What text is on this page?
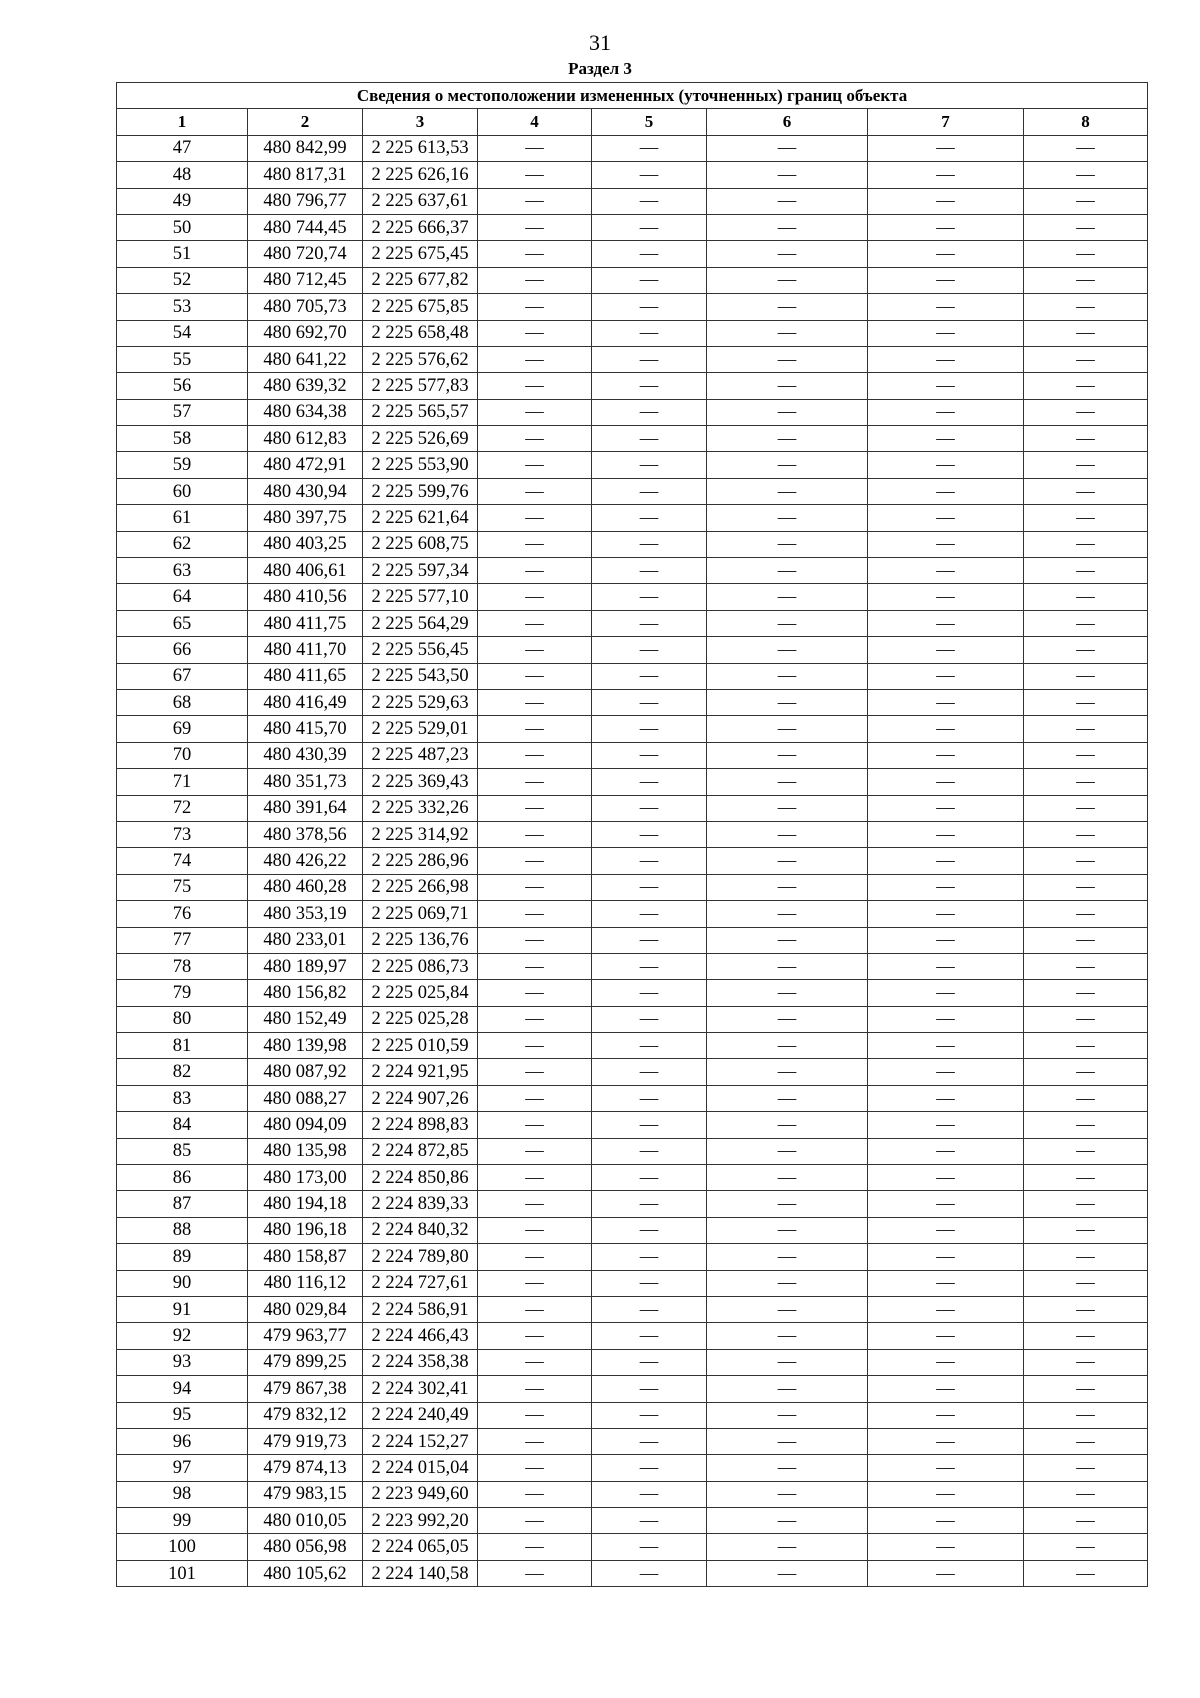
31
Раздел 3
Сведения о местоположении измененных (уточненных) границ объекта							
1	2	3	4	5	6	7	8
47	480 842,99	2 225 613,53	—	—	—	—	—
48	480 817,31	2 225 626,16	—	—	—	—	—
49	480 796,77	2 225 637,61	—	—	—	—	—
50	480 744,45	2 225 666,37	—	—	—	—	—
51	480 720,74	2 225 675,45	—	—	—	—	—
52	480 712,45	2 225 677,82	—	—	—	—	—
53	480 705,73	2 225 675,85	—	—	—	—	—
54	480 692,70	2 225 658,48	—	—	—	—	—
55	480 641,22	2 225 576,62	—	—	—	—	—
56	480 639,32	2 225 577,83	—	—	—	—	—
57	480 634,38	2 225 565,57	—	—	—	—	—
58	480 612,83	2 225 526,69	—	—	—	—	—
59	480 472,91	2 225 553,90	—	—	—	—	—
60	480 430,94	2 225 599,76	—	—	—	—	—
61	480 397,75	2 225 621,64	—	—	—	—	—
62	480 403,25	2 225 608,75	—	—	—	—	—
63	480 406,61	2 225 597,34	—	—	—	—	—
64	480 410,56	2 225 577,10	—	—	—	—	—
65	480 411,75	2 225 564,29	—	—	—	—	—
66	480 411,70	2 225 556,45	—	—	—	—	—
67	480 411,65	2 225 543,50	—	—	—	—	—
68	480 416,49	2 225 529,63	—	—	—	—	—
69	480 415,70	2 225 529,01	—	—	—	—	—
70	480 430,39	2 225 487,23	—	—	—	—	—
71	480 351,73	2 225 369,43	—	—	—	—	—
72	480 391,64	2 225 332,26	—	—	—	—	—
73	480 378,56	2 225 314,92	—	—	—	—	—
74	480 426,22	2 225 286,96	—	—	—	—	—
75	480 460,28	2 225 266,98	—	—	—	—	—
76	480 353,19	2 225 069,71	—	—	—	—	—
77	480 233,01	2 225 136,76	—	—	—	—	—
78	480 189,97	2 225 086,73	—	—	—	—	—
79	480 156,82	2 225 025,84	—	—	—	—	—
80	480 152,49	2 225 025,28	—	—	—	—	—
81	480 139,98	2 225 010,59	—	—	—	—	—
82	480 087,92	2 224 921,95	—	—	—	—	—
83	480 088,27	2 224 907,26	—	—	—	—	—
84	480 094,09	2 224 898,83	—	—	—	—	—
85	480 135,98	2 224 872,85	—	—	—	—	—
86	480 173,00	2 224 850,86	—	—	—	—	—
87	480 194,18	2 224 839,33	—	—	—	—	—
88	480 196,18	2 224 840,32	—	—	—	—	—
89	480 158,87	2 224 789,80	—	—	—	—	—
90	480 116,12	2 224 727,61	—	—	—	—	—
91	480 029,84	2 224 586,91	—	—	—	—	—
92	479 963,77	2 224 466,43	—	—	—	—	—
93	479 899,25	2 224 358,38	—	—	—	—	—
94	479 867,38	2 224 302,41	—	—	—	—	—
95	479 832,12	2 224 240,49	—	—	—	—	—
96	479 919,73	2 224 152,27	—	—	—	—	—
97	479 874,13	2 224 015,04	—	—	—	—	—
98	479 983,15	2 223 949,60	—	—	—	—	—
99	480 010,05	2 223 992,20	—	—	—	—	—
100	480 056,98	2 224 065,05	—	—	—	—	—
101	480 105,62	2 224 140,58	—	—	—	—	—
